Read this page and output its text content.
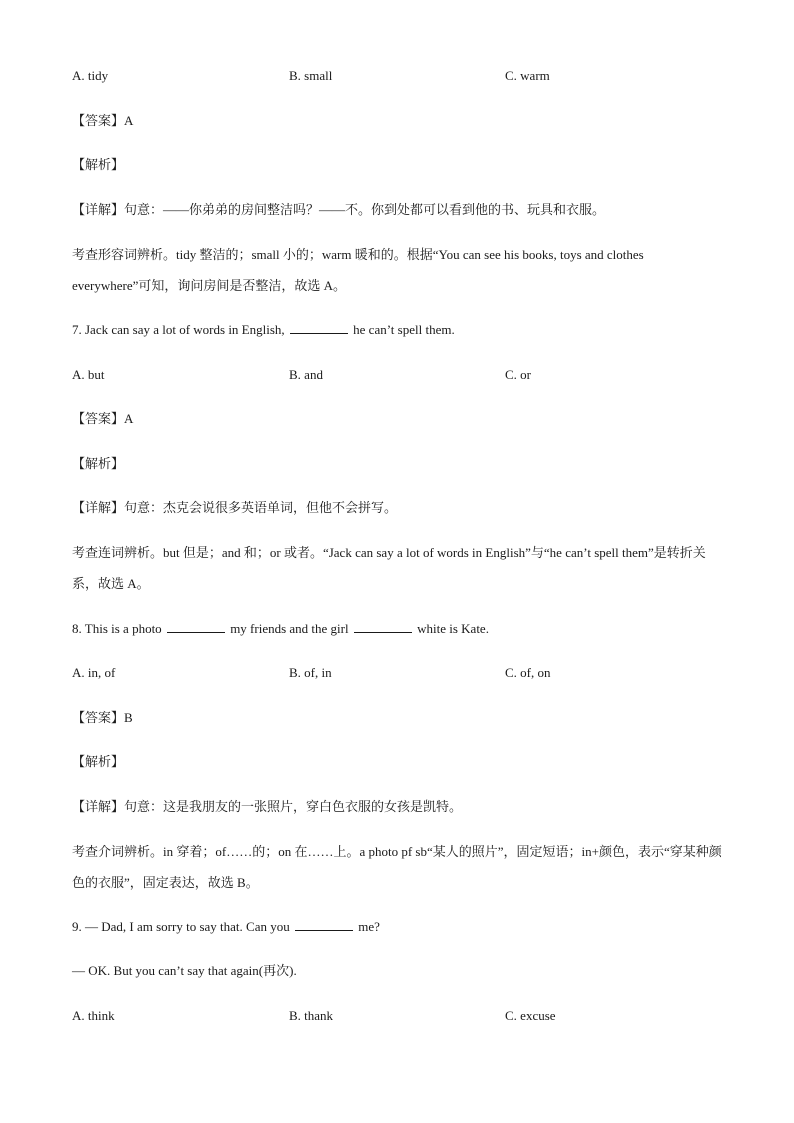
A. tidy	B. small	C. warm
【答案】A
【解析】
【详解】句意：——你弟弟的房间整洁吗？——不。你到处都可以看到他的书、玩具和衣服。
考查形容词辨析。tidy 整洁的；small 小的；warm 暖和的。根据“You can see his books, toys and clothes everywhere”可知，询问房间是否整洁，故选 A。
7. Jack can say a lot of words in English,	he can’t spell them.
A. but	B. and	C. or
【答案】A
【解析】
【详解】句意：杰克会说很多英语单词，但他不会拼写。
考查连词辨析。but 但是；and 和；or 或者。“Jack can say a lot of words in English”与“he can’t spell them”是转折关系，故选 A。
8. This is a photo	my friends and the girl	white is Kate.
A. in, of	B. of, in	C. of, on
【答案】B
【解析】
【详解】句意：这是我朋友的一张照片，穿白色衣服的女孩是凯特。
考查介词辨析。in 穿着；of……的；on 在……上。a photo pf sb“某人的照片”，固定短语；in+颜色，表示“穿某种颜色的衣服”，固定表达，故选 B。
9. — Dad, I am sorry to say that. Can you	me?
— OK. But you can’t say that again(再次).
A. think	B. thank	C. excuse
